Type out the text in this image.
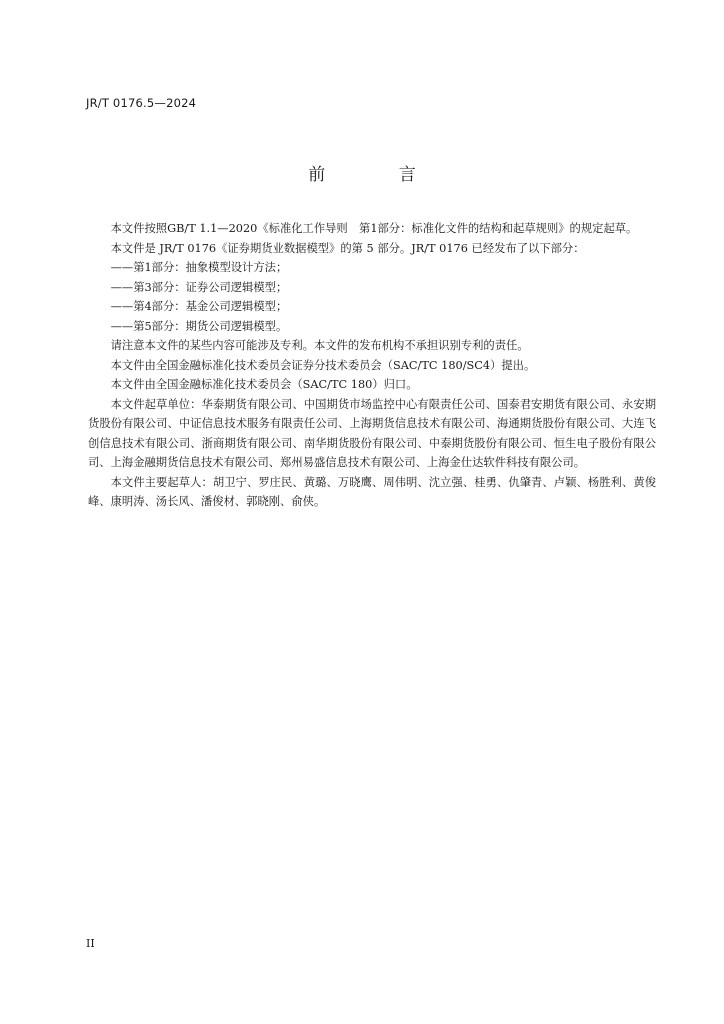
JR/T 0176.5—2024
前 言

本文件按照GB/T 1.1—2020《标准化工作导则　第1部分：标准化文件的结构和起草规则》的规定起草。

本文件是 JR/T 0176《证券期货业数据模型》的第 5 部分。JR/T 0176 已经发布了以下部分：

——第1部分：抽象模型设计方法；

——第3部分：证券公司逻辑模型；

——第4部分：基金公司逻辑模型；

——第5部分：期货公司逻辑模型。

请注意本文件的某些内容可能涉及专利。本文件的发布机构不承担识别专利的责任。

本文件由全国金融标准化技术委员会证券分技术委员会（SAC/TC 180/SC4）提出。

本文件由全国金融标准化技术委员会（SAC/TC 180）归口。

本文件起草单位：华泰期货有限公司、中国期货市场监控中心有限责任公司、国泰君安期货有限公司、永安期货股份有限公司、中证信息技术服务有限责任公司、上海期货信息技术有限公司、海通期货股份有限公司、大连飞创信息技术有限公司、浙商期货有限公司、南华期货股份有限公司、中泰期货股份有限公司、恒生电子股份有限公司、上海金融期货信息技术有限公司、郑州易盛信息技术有限公司、上海金仕达软件科技有限公司。

本文件主要起草人：胡卫宁、罗庄民、黄璐、万晓鹰、周伟明、沈立强、桂勇、仇肇青、卢颖、杨胜利、黄俊峰、康明涛、汤长风、潘俊材、郭晓刚、俞侠。

II
